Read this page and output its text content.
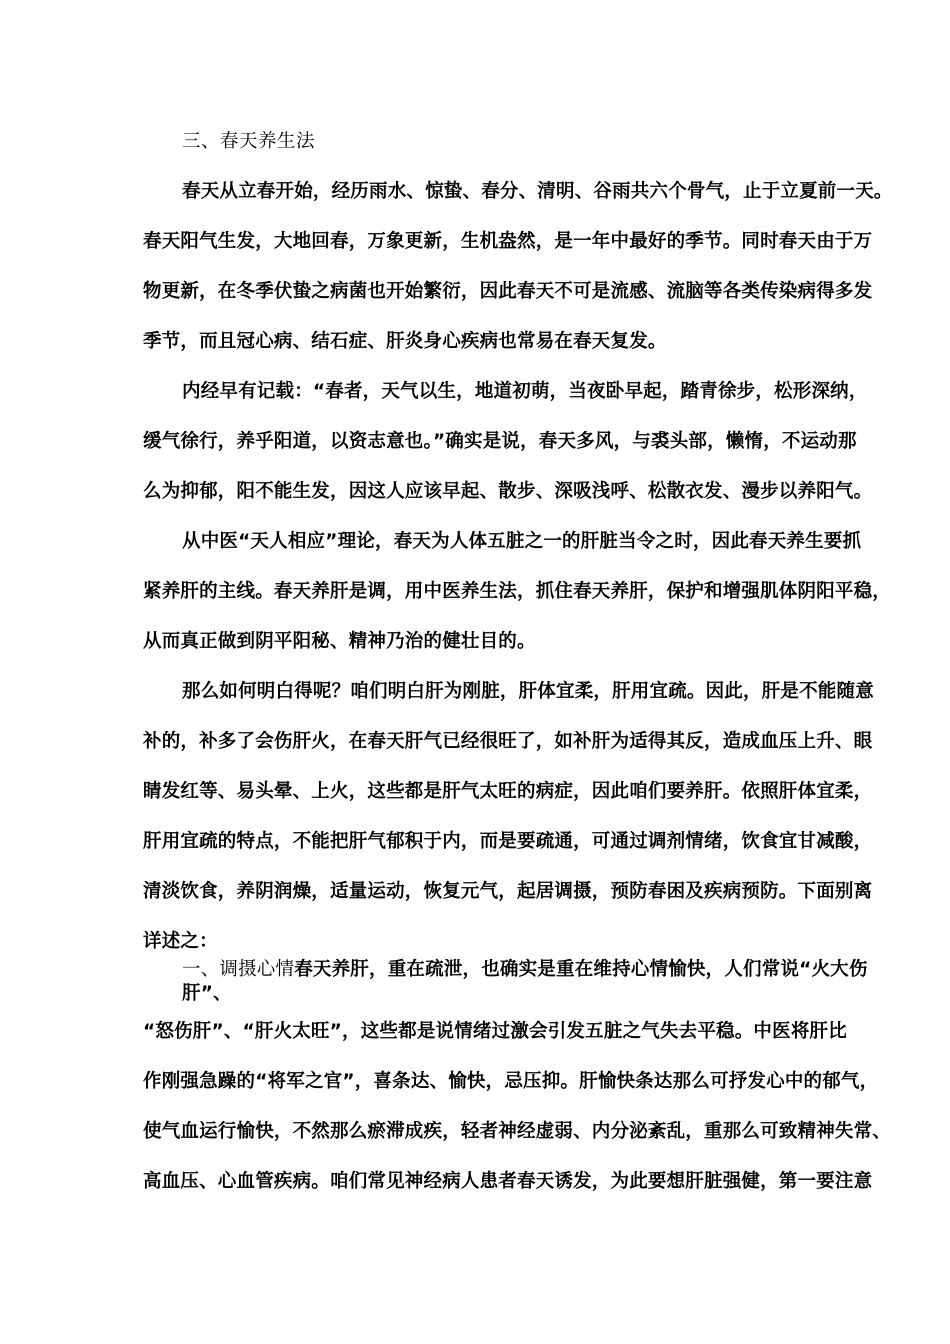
三、春天养生法
春天从立春开始，经历雨水、惊蛰、春分、清明、谷雨共六个骨气，止于立夏前一天。
春天阳气生发，大地回春，万象更新，生机盎然，是一年中最好的季节。同时春天由于万
物更新，在冬季伏蛰之病菌也开始繁衍，因此春天不可是流感、流脑等各类传染病得多发
季节，而且冠心病、结石症、肝炎身心疾病也常易在春天复发。
内经早有记载：“春者，天气以生，地道初萌，当夜卧早起，踏青徐步，松形深纳，
缓气徐行，养乎阳道，以资志意也。”确实是说，春天多风，与裘头部，懒惰，不运动那
么为抑郁，阳不能生发，因这人应该早起、散步、深吸浅呼、松散衣发、漫步以养阳气。
从中医“天人相应”理论，春天为人体五脏之一的肝脏当令之时，因此春天养生要抓
紧养肝的主线。春天养肝是调，用中医养生法，抓住春天养肝，保护和增强肌体阴阳平稳，
从而真正做到阴平阳秘、精神乃治的健壮目的。
那么如何明白得呢？咱们明白肝为刚脏，肝体宜柔，肝用宜疏。因此，肝是不能随意
补的，补多了会伤肝火，在春天肝气已经很旺了，如补肝为适得其反，造成血压上升、眼
睛发红等、易头晕、上火，这些都是肝气太旺的病症，因此咱们要养肝。依照肝体宜柔，
肝用宜疏的特点，不能把肝气郁积于内，而是要疏通，可通过调剂情绪，饮食宜甘减酸，
清淡饮食，养阴润燥，适量运动，恢复元气，起居调摄，预防春困及疾病预防。下面别离
详述之：
一、调摄心情春天养肝，重在疏泄，也确实是重在维持心情愉快，人们常说“火大伤
肝”、
“怒伤肝”、“肝火太旺”，这些都是说情绪过激会引发五脏之气失去平稳。中医将肝比
作刚强急躁的“将军之官”，喜条达、愉快，忌压抑。肝愉快条达那么可抒发心中的郁气，
使气血运行愉快，不然那么瘀滞成疾，轻者神经虚弱、内分泌紊乱，重那么可致精神失常、
高血压、心血管疾病。咱们常见神经病人患者春天诱发，为此要想肝脏强健，第一要注意
